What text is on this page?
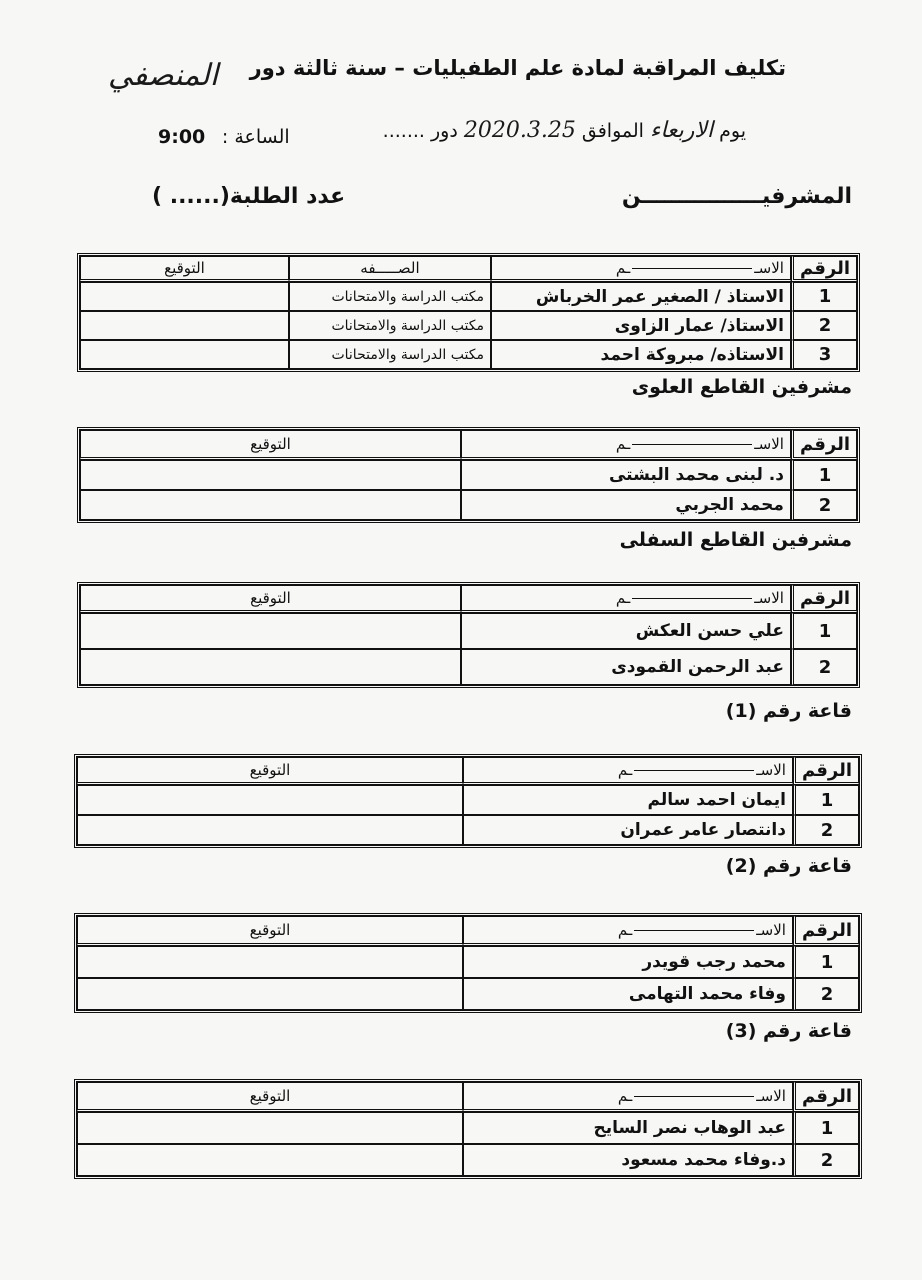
تكليف المراقبة لمادة علم الطفيليات – سنة ثالثة دور
المنصفي
يوم الاربعاء الموافق 2020.3.25 دور .......
الساعة : 9:00
المشرفيــــــــــــــــن
عدد الطلبة(...... )
الرقم	الاســم	الصـــــفه	التوقيع
1	الاستاذ / الصغير عمر الخرباش	مكتب الدراسة والامتحانات	
2	الاستاذ/ عمار الزاوى	مكتب الدراسة والامتحانات	
3	الاستاذه/ مبروكة احمد	مكتب الدراسة والامتحانات	
مشرفين القاطع العلوى
الرقم	الاســم	التوقيع
1	د. لبنى محمد البشتى	
2	محمد الجربي	
مشرفين القاطع السفلى
الرقم	الاســم	التوقيع
1	علي حسن العكش	
2	عبد الرحمن القمودى	
قاعة رقم (1)
الرقم	الاســم	التوقيع
1	ايمان احمد سالم	
2	دانتصار عامر عمران	
قاعة رقم (2)
الرقم	الاســم	التوقيع
1	محمد رجب قويدر	
2	وفاء محمد التهامى	
قاعة رقم (3)
الرقم	الاســم	التوقيع
1	عبد الوهاب نصر السايح	
2	د.وفاء محمد مسعود	
